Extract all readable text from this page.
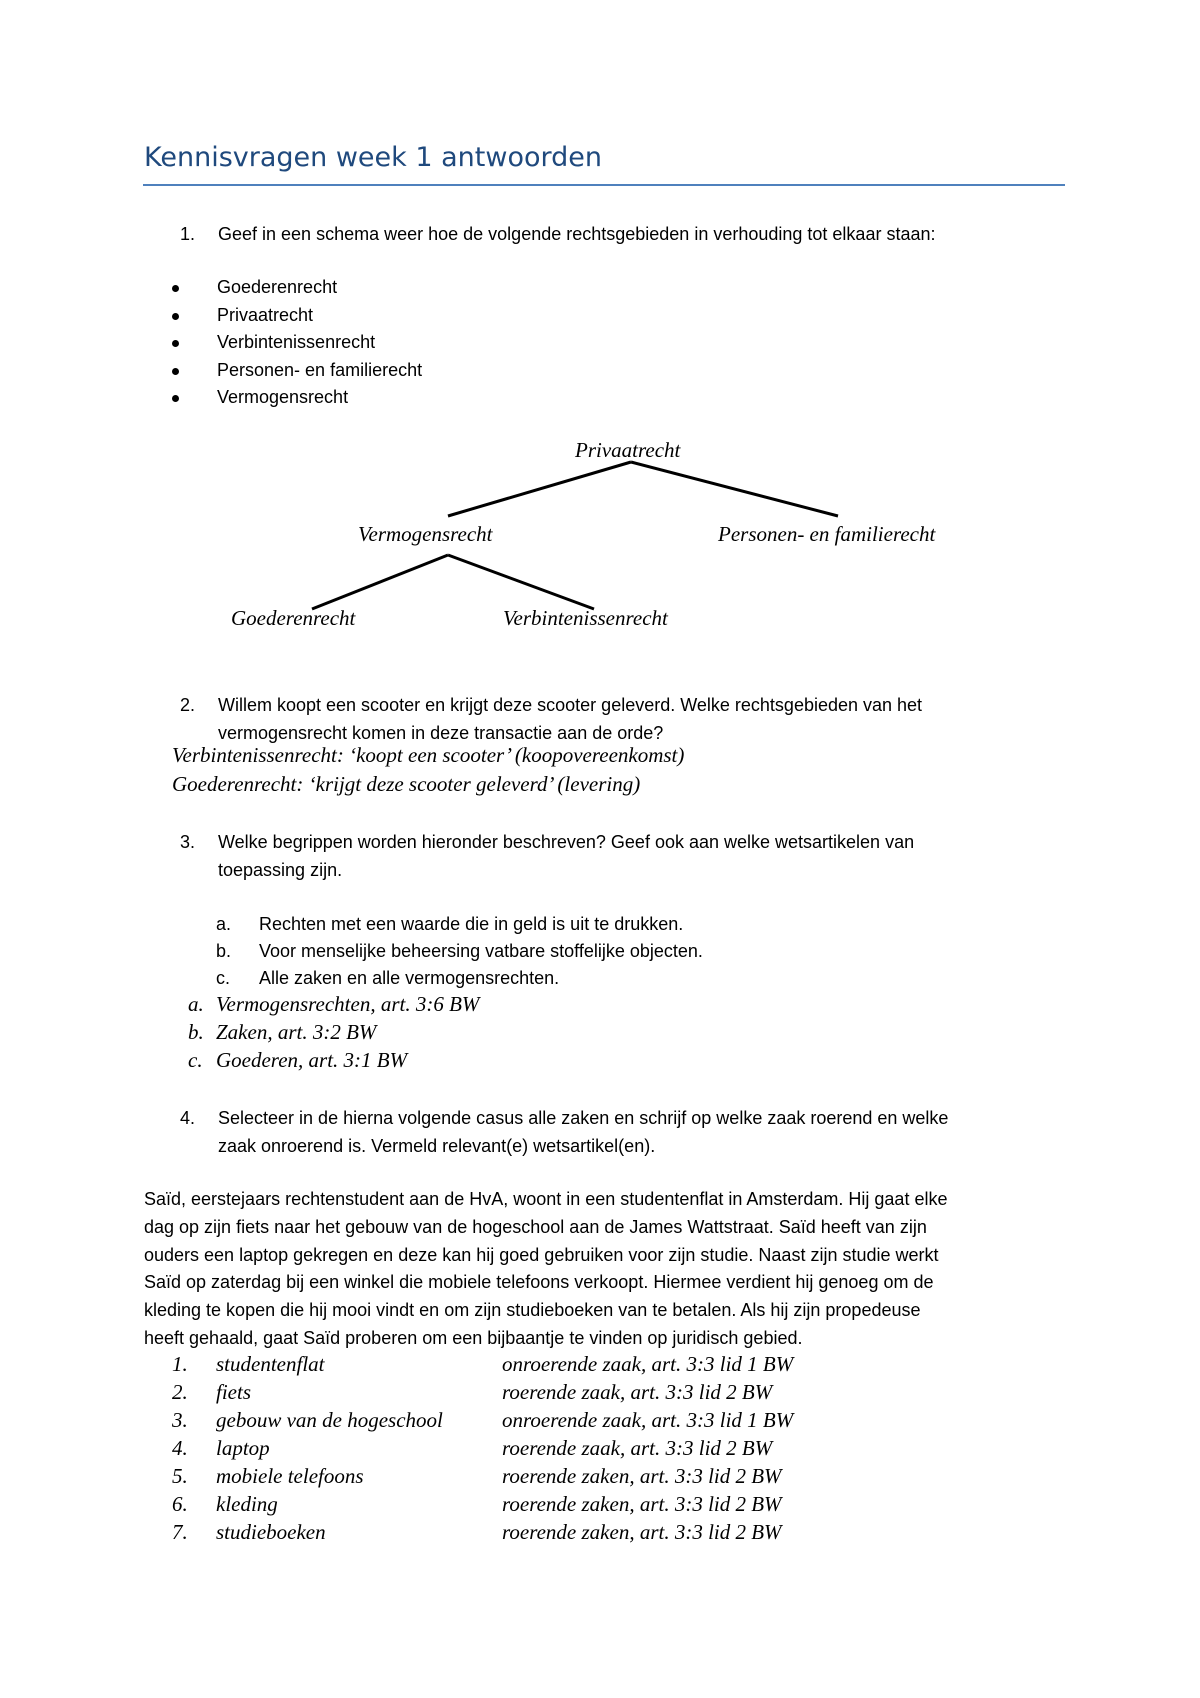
Kennisvragen week 1 antwoorden
1. Geef in een schema weer hoe de volgende rechtsgebieden in verhouding tot elkaar staan:
Goederenrecht
Privaatrecht
Verbintenissenrecht
Personen- en familierecht
Vermogensrecht
Privaatrecht
Vermogensrecht	Personen- en familierecht
Goederenrecht	Verbintenissenrecht
2. Willem koopt een scooter en krijgt deze scooter geleverd. Welke rechtsgebieden van het
vermogensrecht komen in deze transactie aan de orde?
Verbintenissenrecht: ‘koopt een scooter’ (koopovereenkomst)
Goederenrecht: ‘krijgt deze scooter geleverd’ (levering)
3. Welke begrippen worden hieronder beschreven? Geef ook aan welke wetsartikelen van
toepassing zijn.
a. Rechten met een waarde die in geld is uit te drukken.
b. Voor menselijke beheersing vatbare stoffelijke objecten.
c. Alle zaken en alle vermogensrechten.
a. Vermogensrechten, art. 3:6 BW
b. Zaken, art. 3:2 BW
c. Goederen, art. 3:1 BW
4. Selecteer in de hierna volgende casus alle zaken en schrijf op welke zaak roerend en welke
zaak onroerend is. Vermeld relevant(e) wetsartikel(en).
Saïd, eerstejaars rechtenstudent aan de HvA, woont in een studentenflat in Amsterdam. Hij gaat elke
dag op zijn fiets naar het gebouw van de hogeschool aan de James Wattstraat. Saïd heeft van zijn
ouders een laptop gekregen en deze kan hij goed gebruiken voor zijn studie. Naast zijn studie werkt
Saïd op zaterdag bij een winkel die mobiele telefoons verkoopt. Hiermee verdient hij genoeg om de
kleding te kopen die hij mooi vindt en om zijn studieboeken van te betalen. Als hij zijn propedeuse
heeft gehaald, gaat Saïd proberen om een bijbaantje te vinden op juridisch gebied.
1. studentenflat	onroerende zaak, art. 3:3 lid 1 BW
2. fiets	roerende zaak, art. 3:3 lid 2 BW
3. gebouw van de hogeschool	onroerende zaak, art. 3:3 lid 1 BW
4. laptop	roerende zaak, art. 3:3 lid 2 BW
5. mobiele telefoons	roerende zaken, art. 3:3 lid 2 BW
6. kleding	roerende zaken, art. 3:3 lid 2 BW
7. studieboeken	roerende zaken, art. 3:3 lid 2 BW
